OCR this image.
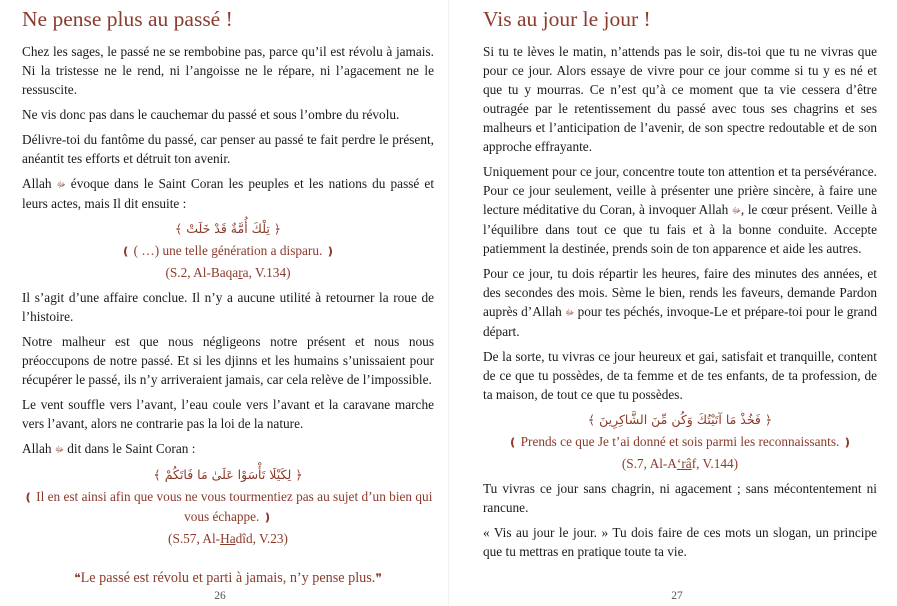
Ne pense plus au passé !

Chez les sages, le passé ne se rembobine pas, parce qu’il est révolu à jamais. Ni la tristesse ne le rend, ni l’angoisse ne le répare, ni l’agacement ne le ressuscite.

Ne vis donc pas dans le cauchemar du passé et sous l’ombre du révolu.

Délivre-toi du fantôme du passé, car penser au passé te fait perdre le présent, anéantit tes efforts et détruit ton avenir.

Allah ﷻ évoque dans le Saint Coran les peuples et les nations du passé et leurs actes, mais Il dit ensuite :

﴿ تِلْكَ أُمَّةٌ قَدْ خَلَتْ ﴾
❪ ( …) une telle génération a disparu. ❫
(S.2, Al-Baqara, V.134)

Il s’agit d’une affaire conclue. Il n’y a aucune utilité à retourner la roue de l’histoire.

Notre malheur est que nous négligeons notre présent et nous nous préoccupons de notre passé. Et si les djinns et les humains s’unissaient pour récupérer le passé, ils n’y arriveraient jamais, car cela relève de l’impossible.

Le vent souffle vers l’avant, l’eau coule vers l’avant et la caravane marche vers l’avant, alors ne contrarie pas la loi de la nature.

Allah ﷻ dit dans le Saint Coran :

﴿ لِكَيْلَا تَأْسَوْا عَلَىٰ مَا فَاتَكُمْ ﴾
❪ Il en est ainsi afin que vous ne vous tourmentiez pas au sujet d’un bien qui vous échappe. ❫
(S.57, Al-Hadîd, V.23)
❝Le passé est révolu et parti à jamais, n’y pense plus.❞
26
Vis au jour le jour !

Si tu te lèves le matin, n’attends pas le soir, dis-toi que tu ne vivras que pour ce jour. Alors essaye de vivre pour ce jour comme si tu y es né et que tu y mourras. Ce n’est qu’à ce moment que ta vie cessera d’être outragée par le retentissement du passé avec tous ses chagrins et ses malheurs et l’anticipation de l’avenir, de son spectre redoutable et de son approche effrayante.

Uniquement pour ce jour, concentre toute ton attention et ta persévérance. Pour ce jour seulement, veille à présenter une prière sincère, à faire une lecture méditative du Coran, à invoquer Allah ﷻ, le cœur présent. Veille à l’équilibre dans tout ce que tu fais et à la bonne conduite. Accepte patiemment la destinée, prends soin de ton apparence et aide les autres.

Pour ce jour, tu dois répartir les heures, faire des minutes des années, et des secondes des mois. Sème le bien, rends les faveurs, demande Pardon auprès d’Allah ﷻ pour tes péchés, invoque-Le et prépare-toi pour le grand départ.

De la sorte, tu vivras ce jour heureux et gai, satisfait et tranquille, content de ce que tu possèdes, de ta femme et de tes enfants, de ta profession, de ta maison, de tout ce que tu possèdes.

﴿ فَخُذْ مَا آتَيْتُكَ وَكُن مِّنَ الشَّاكِرِينَ ﴾
❪ Prends ce que Je t’ai donné et sois parmi les reconnaissants. ❫
(S.7, Al-A‘râf, V.144)

Tu vivras ce jour sans chagrin, ni agacement ; sans mécontentement ni rancune.

« Vis au jour le jour. » Tu dois faire de ces mots un slogan, un principe que tu mettras en pratique toute ta vie.

27
